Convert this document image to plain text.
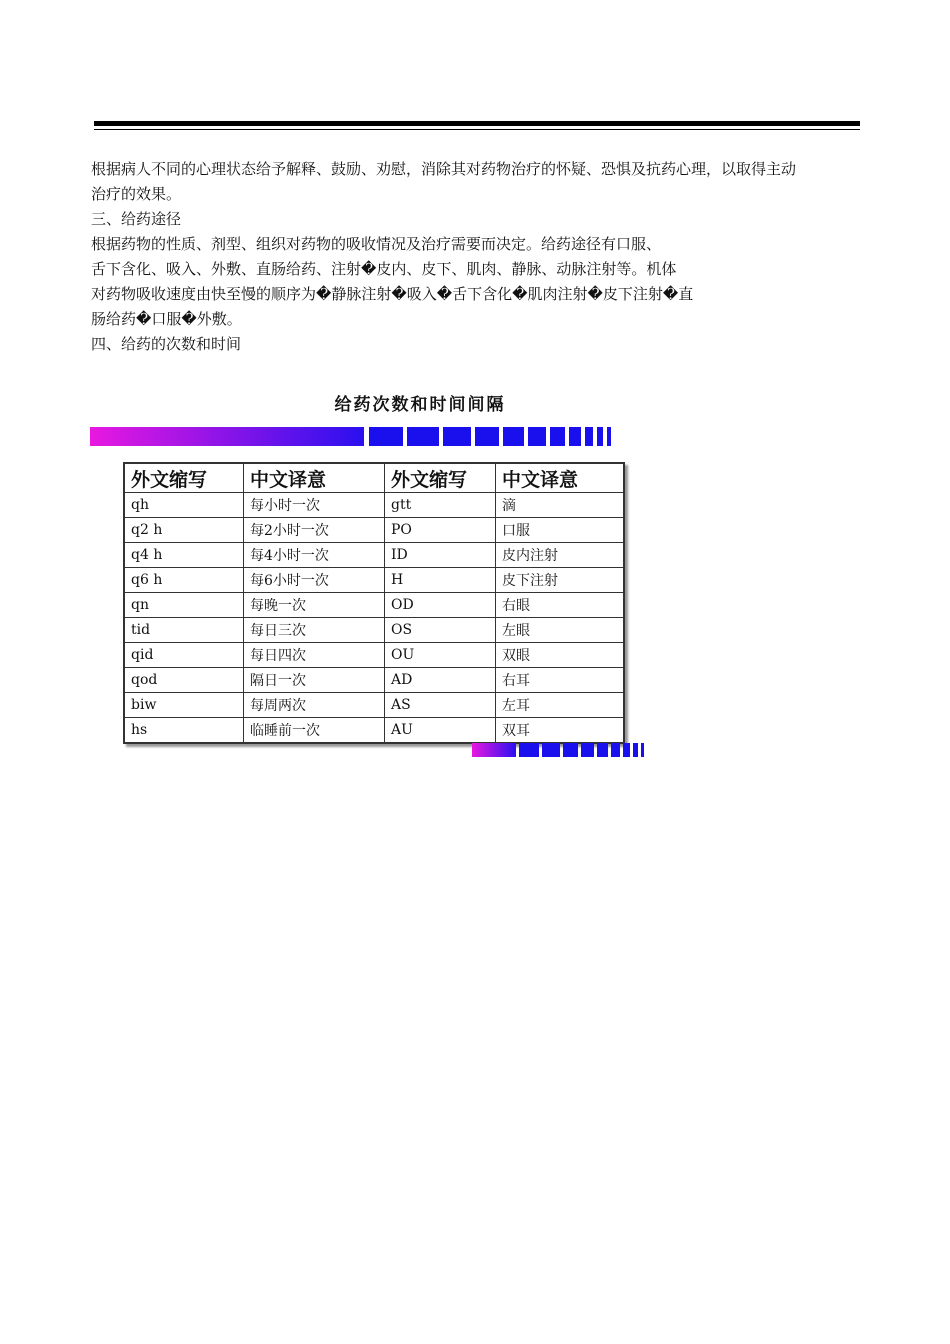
根据病人不同的心理状态给予解释、鼓励、劝慰，消除其对药物治疗的怀疑、恐惧及抗药心理，以取得主动

治疗的效果。

三、给药途径

根据药物的性质、剂型、组织对药物的吸收情况及治疗需要而决定。给药途径有口服、

舌下含化、吸入、外敷、直肠给药、注射�皮内、皮下、肌肉、静脉、动脉注射等。机体

对药物吸收速度由快至慢的顺序为�静脉注射�吸入�舌下含化�肌肉注射�皮下注射�直

肠给药�口服�外敷。

四、给药的次数和时间

给药次数和时间间隔
外文缩写	中文译意	外文缩写	中文译意
qh	每小时一次	gtt	滴
q2 h	每2小时一次	PO	口服
q4 h	每4小时一次	ID	皮内注射
q6 h	每6小时一次	H	皮下注射
qn	每晚一次	OD	右眼
tid	每日三次	OS	左眼
qid	每日四次	OU	双眼
qod	隔日一次	AD	右耳
biw	每周两次	AS	左耳
hs	临睡前一次	AU	双耳
